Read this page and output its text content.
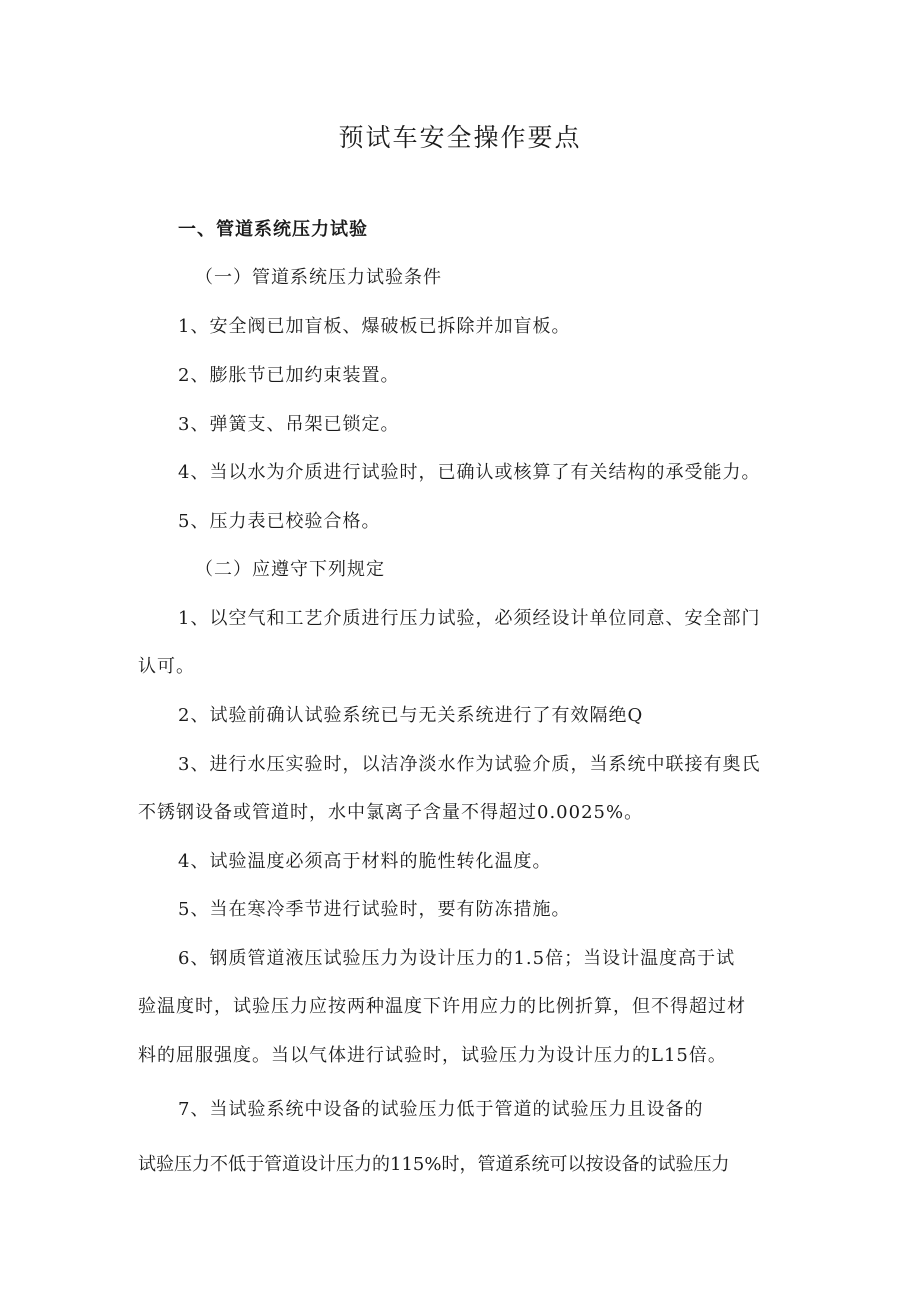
预试车安全操作要点
一、管道系统压力试验
（一）管道系统压力试验条件
1、安全阀已加盲板、爆破板已拆除并加盲板。
2、膨胀节已加约束装置。
3、弹簧支、吊架已锁定。
4、当以水为介质进行试验时，已确认或核算了有关结构的承受能力。
5、压力表已校验合格。
（二）应遵守下列规定
1、以空气和工艺介质进行压力试验，必须经设计单位同意、安全部门
认可。
2、试验前确认试验系统已与无关系统进行了有效隔绝Q
3、进行水压实验时，以洁净淡水作为试验介质，当系统中联接有奥氏
不锈钢设备或管道时，水中氯离子含量不得超过0.0025%。
4、试验温度必须高于材料的脆性转化温度。
5、当在寒冷季节进行试验时，要有防冻措施。
6、钢质管道液压试验压力为设计压力的1.5倍；当设计温度高于试
验温度时，试验压力应按两种温度下许用应力的比例折算，但不得超过材
料的屈服强度。当以气体进行试验时，试验压力为设计压力的L15倍。
7、当试验系统中设备的试验压力低于管道的试验压力且设备的
试验压力不低于管道设计压力的115%时，管道系统可以按设备的试验压力
